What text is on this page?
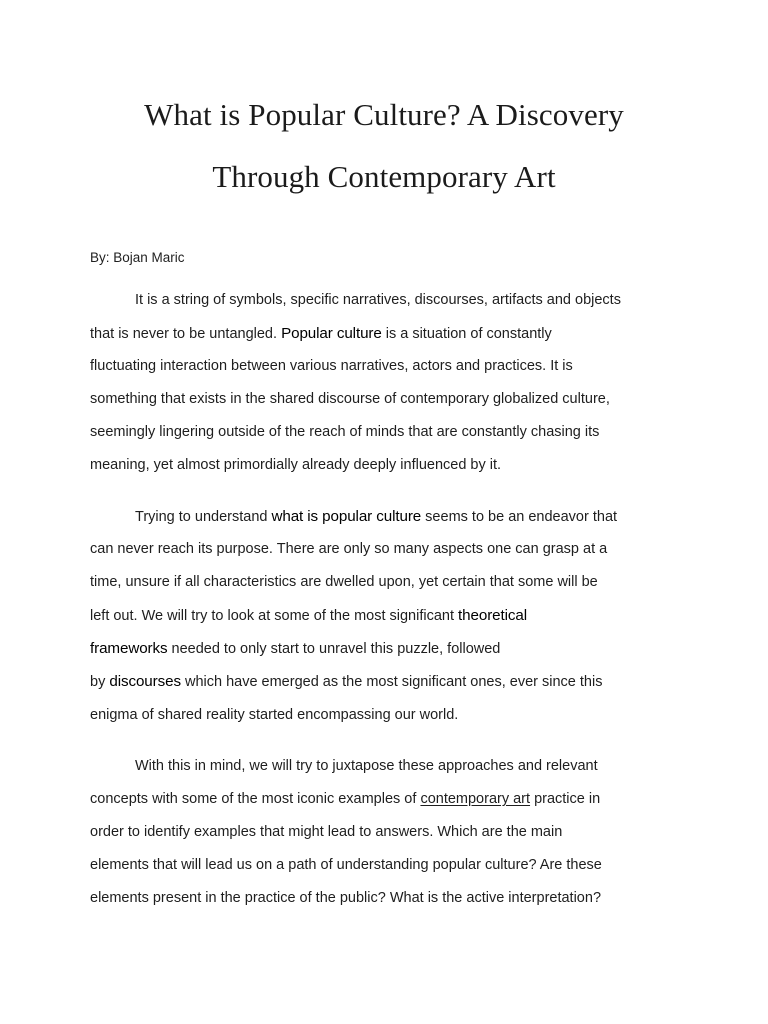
What is Popular Culture? A Discovery
Through Contemporary Art
By: Bojan Maric
It is a string of symbols, specific narratives, discourses, artifacts and objects
that is never to be untangled. Popular culture is a situation of constantly
fluctuating interaction between various narratives, actors and practices. It is
something that exists in the shared discourse of contemporary globalized culture,
seemingly lingering outside of the reach of minds that are constantly chasing its
meaning, yet almost primordially already deeply influenced by it.
Trying to understand what is popular culture seems to be an endeavor that
can never reach its purpose. There are only so many aspects one can grasp at a
time, unsure if all characteristics are dwelled upon, yet certain that some will be
left out. We will try to look at some of the most significant theoretical
frameworks needed to only start to unravel this puzzle, followed
by discourses which have emerged as the most significant ones, ever since this
enigma of shared reality started encompassing our world.
With this in mind, we will try to juxtapose these approaches and relevant
concepts with some of the most iconic examples of contemporary art practice in
order to identify examples that might lead to answers. Which are the main
elements that will lead us on a path of understanding popular culture? Are these
elements present in the practice of the public? What is the active interpretation?
